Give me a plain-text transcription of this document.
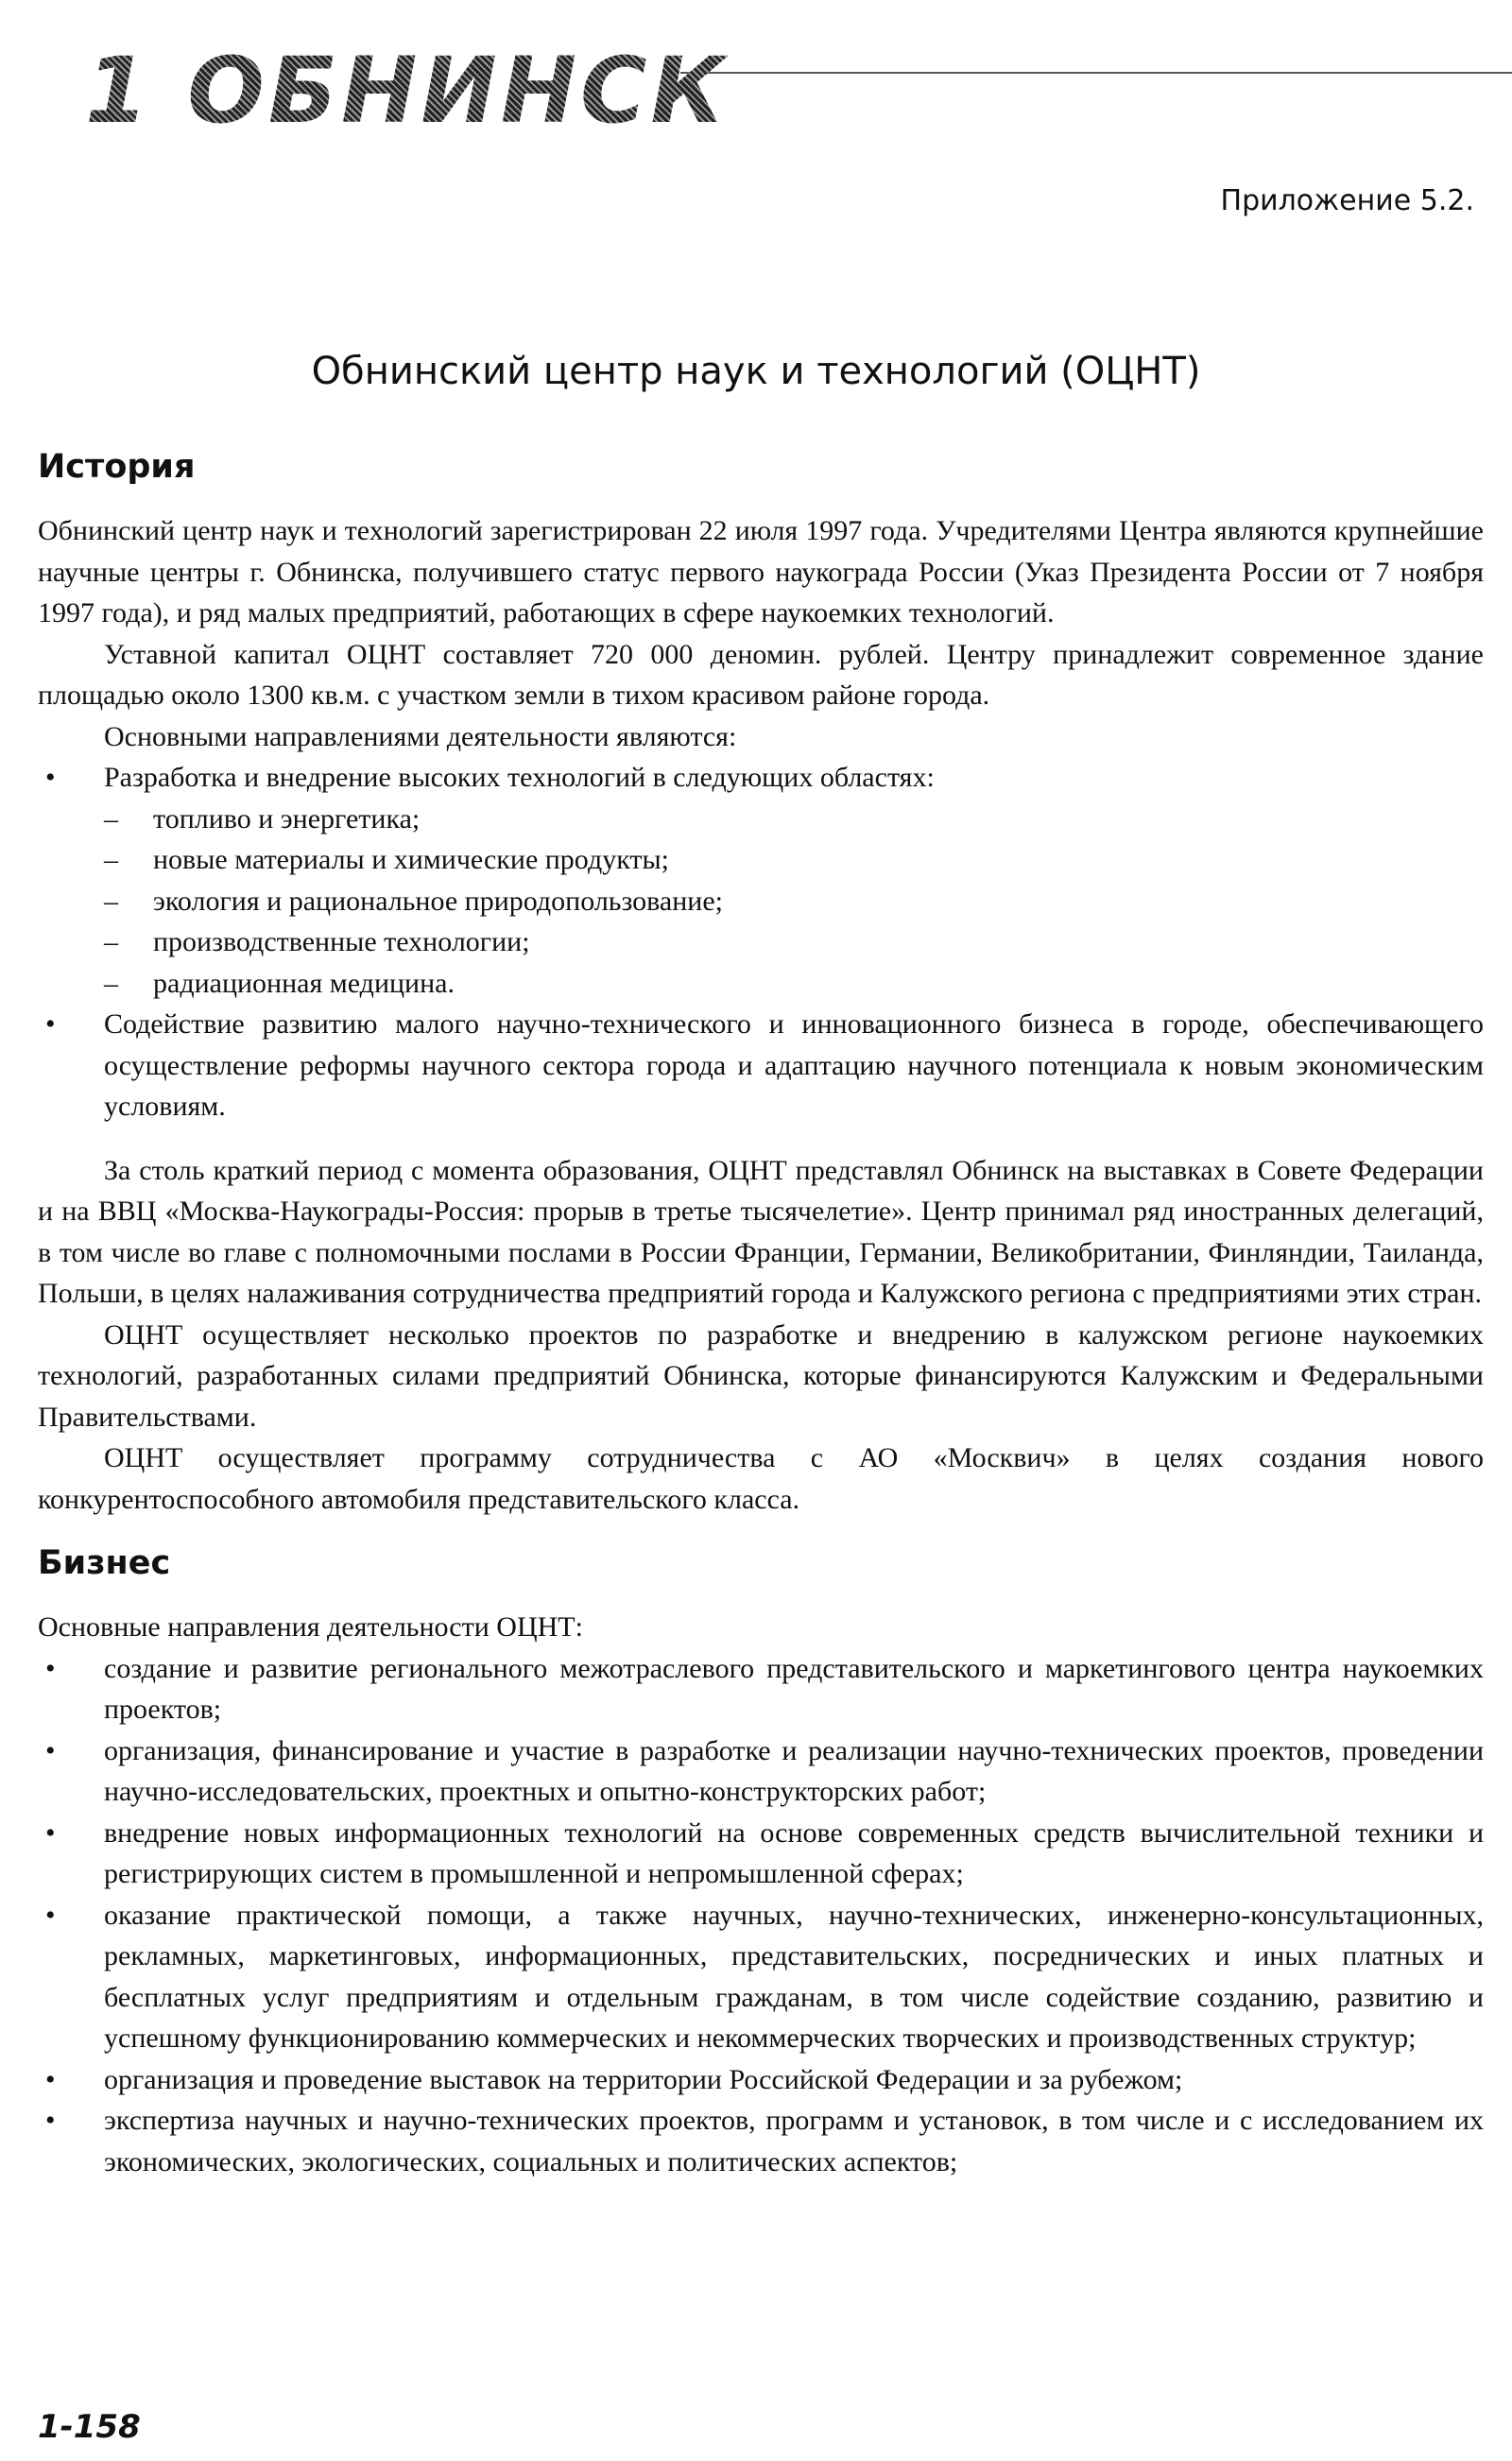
1 ОБНИНСК
Приложение 5.2.
Обнинский центр наук и технологий (ОЦНТ)
История

Обнинский центр наук и технологий зарегистрирован 22 июля 1997 года. Учредителями Центра являются крупнейшие научные центры г. Обнинска, получившего статус первого наукограда России (Указ Президента России от 7 ноября 1997 года), и ряд малых предприятий, работающих в сфере наукоемких технологий.

Уставной капитал ОЦНТ составляет 720 000 деномин. рублей. Центру принадлежит современное здание площадью около 1300 кв.м. с участком земли в тихом красивом районе города.

Основными направлениями деятельности являются:

• Разработка и внедрение высоких технологий в следующих областях:
– топливо и энергетика;
– новые материалы и химические продукты;
– экология и рациональное природопользование;
– производственные технологии;
– радиационная медицина.
• Содействие развитию малого научно-технического и инновационного бизнеса в городе, обеспечивающего осуществление реформы научного сектора города и адаптацию научного потенциала к новым экономическим условиям.

За столь краткий период с момента образования, ОЦНТ представлял Обнинск на выставках в Совете Федерации и на ВВЦ «Москва-Наукограды-Россия: прорыв в третье тысячелетие». Центр принимал ряд иностранных делегаций, в том числе во главе с полномочными послами в России Франции, Германии, Великобритании, Финляндии, Таиланда, Польши, в целях налаживания сотрудничества предприятий города и Калужского региона с предприятиями этих стран.

ОЦНТ осуществляет несколько проектов по разработке и внедрению в калужском регионе наукоемких технологий, разработанных силами предприятий Обнинска, которые финансируются Калужским и Федеральными Правительствами.

ОЦНТ осуществляет программу сотрудничества с АО «Москвич» в целях создания нового конкурентоспособного автомобиля представительского класса.

Бизнес

Основные направления деятельности ОЦНТ:

• создание и развитие регионального межотраслевого представительского и маркетингового центра наукоемких проектов;
• организация, финансирование и участие в разработке и реализации научно-технических проектов, проведении научно-исследовательских, проектных и опытно-конструкторских работ;
• внедрение новых информационных технологий на основе современных средств вычислительной техники и регистрирующих систем в промышленной и непромышленной сферах;
• оказание практической помощи, а также научных, научно-технических, инженерно-консультационных, рекламных, маркетинговых, информационных, представительских, посреднических и иных платных и бесплатных услуг предприятиям и отдельным гражданам, в том числе содействие созданию, развитию и успешному функционированию коммерческих и некоммерческих творческих и производственных структур;
• организация и проведение выставок на территории Российской Федерации и за рубежом;
• экспертиза научных и научно-технических проектов, программ и установок, в том числе и с исследованием их экономических, экологических, социальных и политических аспектов;
1-158
